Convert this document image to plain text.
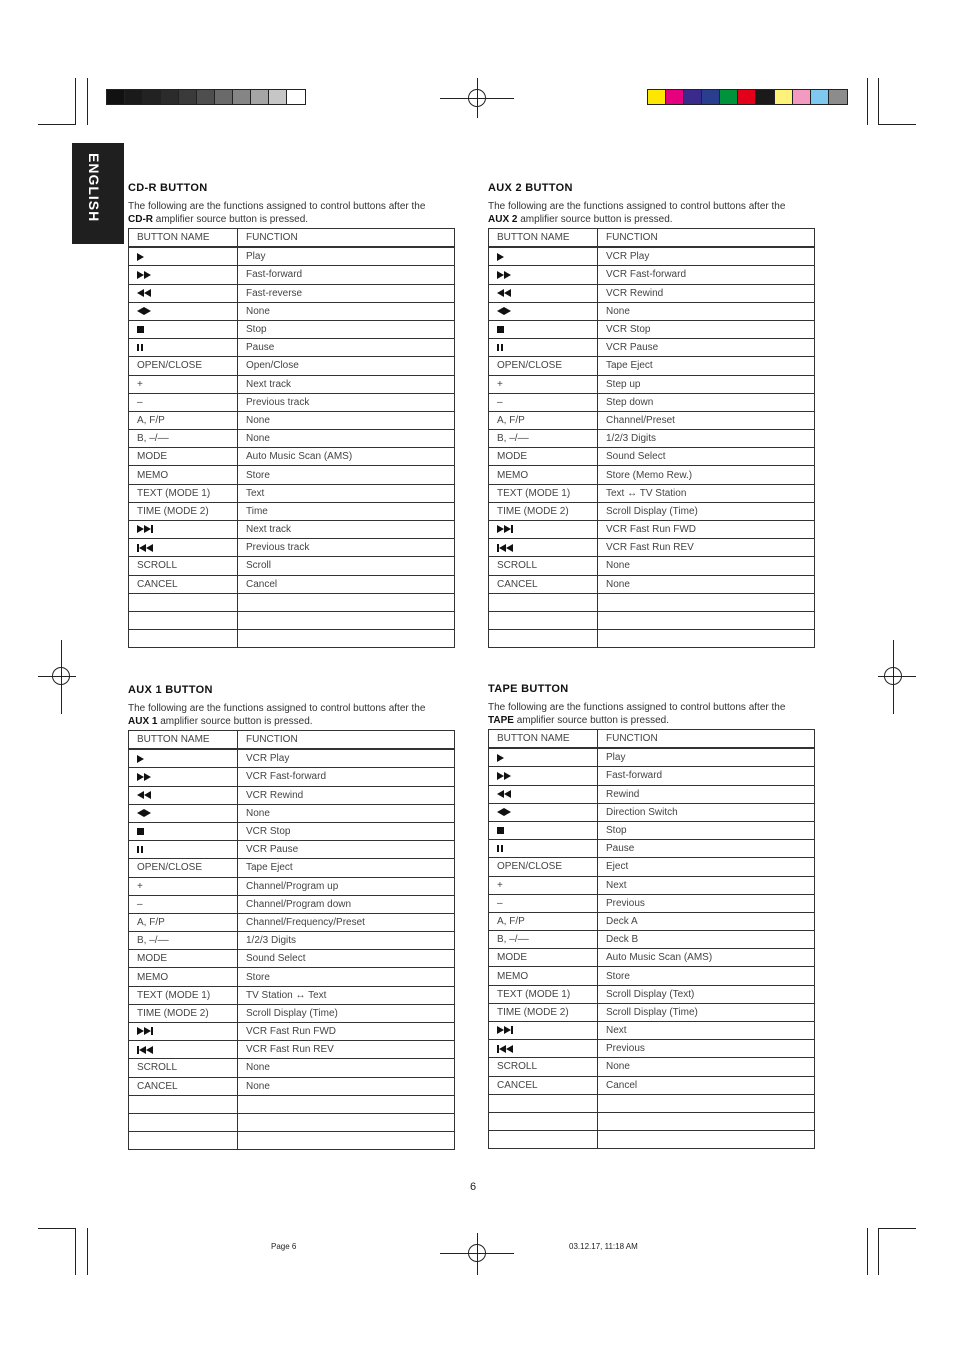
ENGLISH CD-R BUTTON

The following are the functions assigned to control buttons after the
CD-R amplifier source button is pressed.

BUTTON NAME	FUNCTION

	Play

	Fast-forward

	Fast-reverse

	None

	Stop

	Pause
OPEN/CLOSE	Open/Close
+	Next track
–	Previous track
A, F/P	None
B, –/––	None
MODE	Auto Music Scan (AMS)
MEMO	Store
TEXT (MODE 1)	Text
TIME (MODE 2)	Time

	Next track

	Previous track
SCROLL	Scroll
CANCEL	Cancel

AUX 2 BUTTON

The following are the functions assigned to control buttons after the
AUX 2 amplifier source button is pressed.

BUTTON NAME	FUNCTION

	VCR Play

	VCR Fast-forward

	VCR Rewind

	None

	VCR Stop

	VCR Pause
OPEN/CLOSE	Tape Eject
+	Step up
–	Step down
A, F/P	Channel/Preset
B, –/––	1/2/3 Digits
MODE	Sound Select
MEMO	Store (Memo Rew.)
TEXT (MODE 1)	Text ↔ TV Station
TIME (MODE 2)	Scroll Display (Time)

	VCR Fast Run FWD

	VCR Fast Run REV
SCROLL	None
CANCEL	None

AUX 1 BUTTON

The following are the functions assigned to control buttons after the
AUX 1 amplifier source button is pressed.

BUTTON NAME	FUNCTION

	VCR Play

	VCR Fast-forward

	VCR Rewind

	None

	VCR Stop

	VCR Pause
OPEN/CLOSE	Tape Eject
+	Channel/Program up
–	Channel/Program down
A, F/P	Channel/Frequency/Preset
B, –/––	1/2/3 Digits
MODE	Sound Select
MEMO	Store
TEXT (MODE 1)	TV Station ↔ Text
TIME (MODE 2)	Scroll Display (Time)

	VCR Fast Run FWD

	VCR Fast Run REV
SCROLL	None
CANCEL	None

TAPE BUTTON

The following are the functions assigned to control buttons after the
TAPE amplifier source button is pressed.

BUTTON NAME	FUNCTION

	Play

	Fast-forward

	Rewind

	Direction Switch

	Stop

	Pause
OPEN/CLOSE	Eject
+	Next
–	Previous
A, F/P	Deck A
B, –/––	Deck B
MODE	Auto Music Scan (AMS)
MEMO	Store
TEXT (MODE 1)	Scroll Display (Text)
TIME (MODE 2)	Scroll Display (Time)

	Next

	Previous
SCROLL	None
CANCEL	Cancel

6
Page 6	03.12.17, 11:18 AM
